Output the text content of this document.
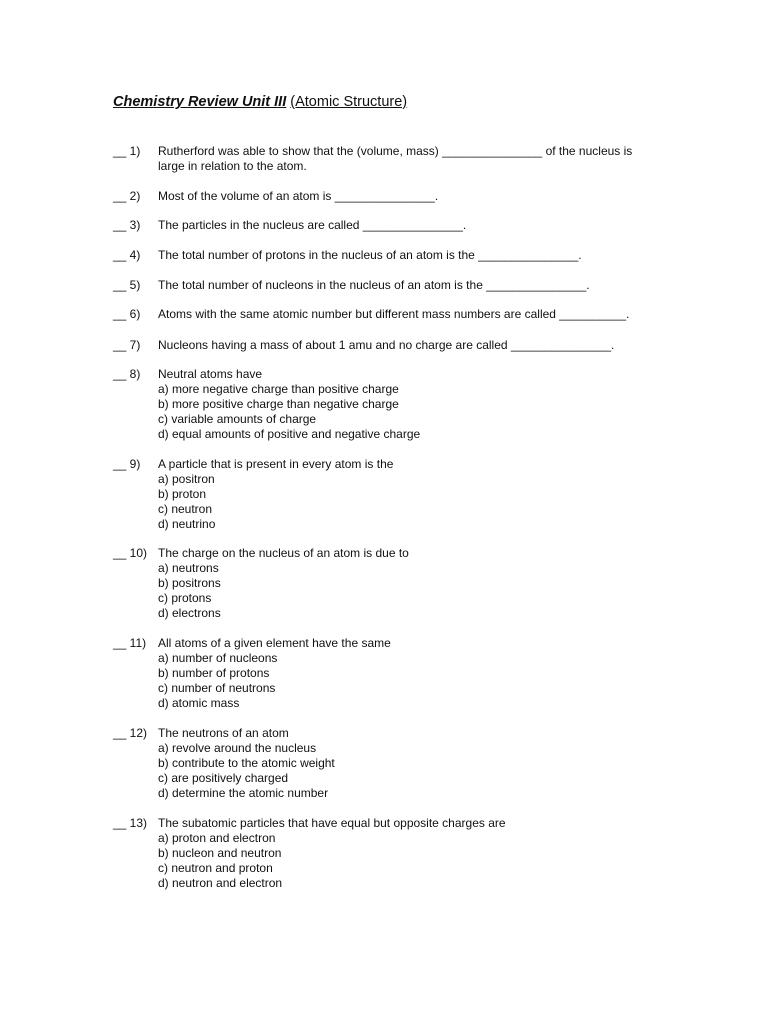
Chemistry Review Unit III (Atomic Structure)
__ 1) Rutherford was able to show that the (volume, mass) _______________ of the nucleus is
large in relation to the atom.
__ 2) Most of the volume of an atom is _______________.
__ 3) The particles in the nucleus are called _______________.
__ 4) The total number of protons in the nucleus of an atom is the _______________.
__ 5) The total number of nucleons in the nucleus of an atom is the _______________.
__ 6) Atoms with the same atomic number but different mass numbers are called __________.
__ 7) Nucleons having a mass of about 1 amu and no charge are called _______________.
__ 8) Neutral atoms have
a) more negative charge than positive charge
b) more positive charge than negative charge
c) variable amounts of charge
d) equal amounts of positive and negative charge
__ 9) A particle that is present in every atom is the
a) positron
b) proton
c) neutron
d) neutrino
__ 10) The charge on the nucleus of an atom is due to
a) neutrons
b) positrons
c) protons
d) electrons
__ 11) All atoms of a given element have the same
a) number of nucleons
b) number of protons
c) number of neutrons
d) atomic mass
__ 12) The neutrons of an atom
a) revolve around the nucleus
b) contribute to the atomic weight
c) are positively charged
d) determine the atomic number
__ 13) The subatomic particles that have equal but opposite charges are
a) proton and electron
b) nucleon and neutron
c) neutron and proton
d) neutron and electron
